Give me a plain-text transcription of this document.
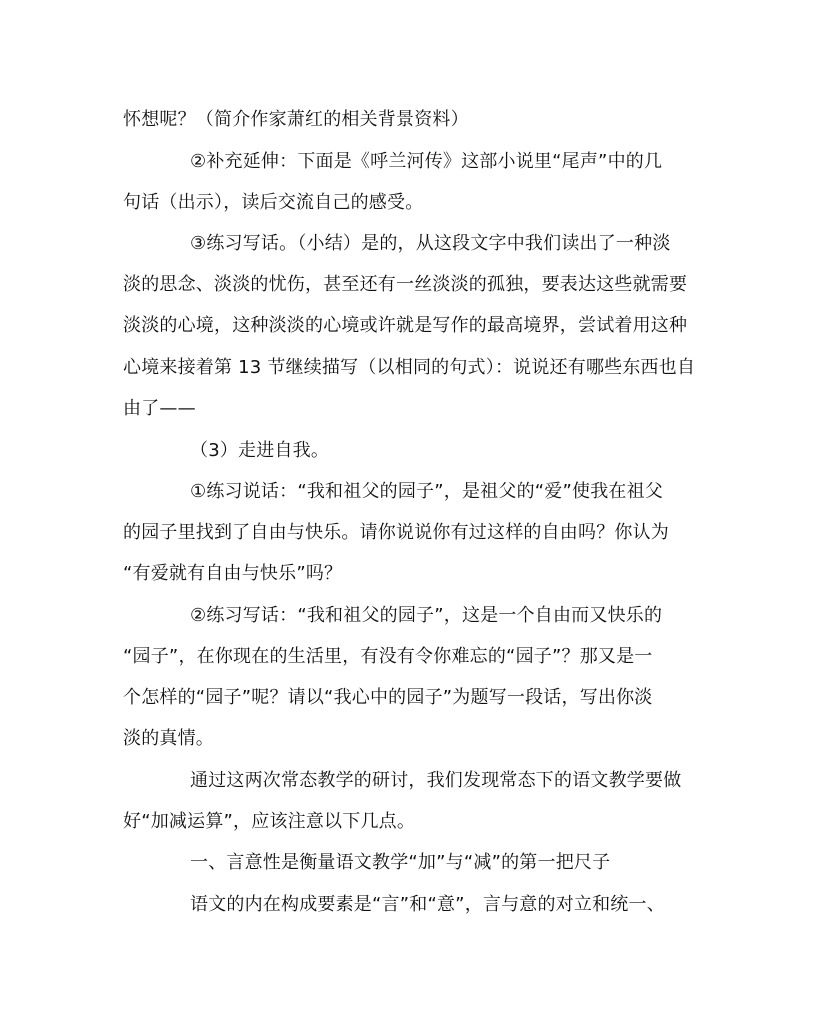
怀想呢？（简介作家萧红的相关背景资料）
②补充延伸：下面是《呼兰河传》这部小说里“尾声”中的几
句话（出示），读后交流自己的感受。
③练习写话。（小结）是的，从这段文字中我们读出了一种淡
淡的思念、淡淡的忧伤，甚至还有一丝淡淡的孤独，要表达这些就需要
淡淡的心境，这种淡淡的心境或许就是写作的最高境界，尝试着用这种
心境来接着第 13 节继续描写（以相同的句式）：说说还有哪些东西也自
由了——
（3）走进自我。
①练习说话：“我和祖父的园子”，是祖父的“爱”使我在祖父
的园子里找到了自由与快乐。请你说说你有过这样的自由吗？你认为
“有爱就有自由与快乐”吗？
②练习写话：“我和祖父的园子”，这是一个自由而又快乐的
“园子”，在你现在的生活里，有没有令你难忘的“园子”？那又是一
个怎样的“园子”呢？请以“我心中的园子”为题写一段话，写出你淡
淡的真情。
通过这两次常态教学的研讨，我们发现常态下的语文教学要做
好“加减运算”，应该注意以下几点。
一、言意性是衡量语文教学“加”与“减”的第一把尺子
语文的内在构成要素是“言”和“意”，言与意的对立和统一、
